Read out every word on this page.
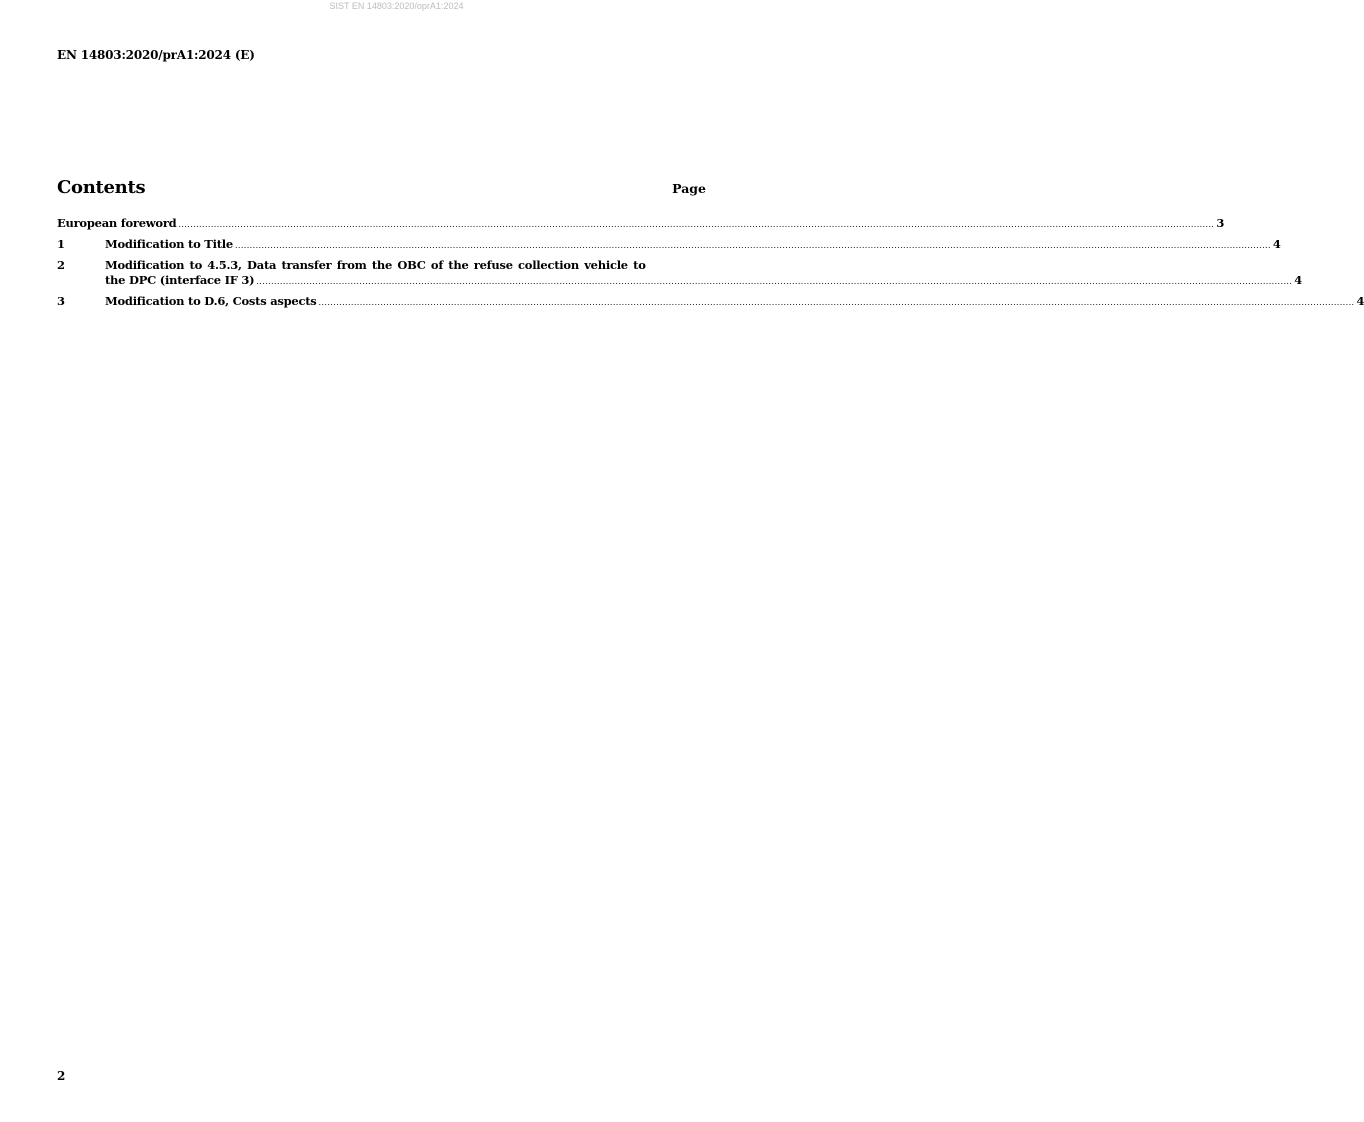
SIST EN 14803:2020/oprA1:2024
EN 14803:2020/prA1:2024 (E)
Contents	Page
European foreword .....	3
1	Modification to Title .....	4
2	Modification to 4.5.3, Data transfer from the OBC of the refuse collection vehicle to
the DPC (interface IF 3) .....	4
3	Modification to D.6, Costs aspects .....	4
2
